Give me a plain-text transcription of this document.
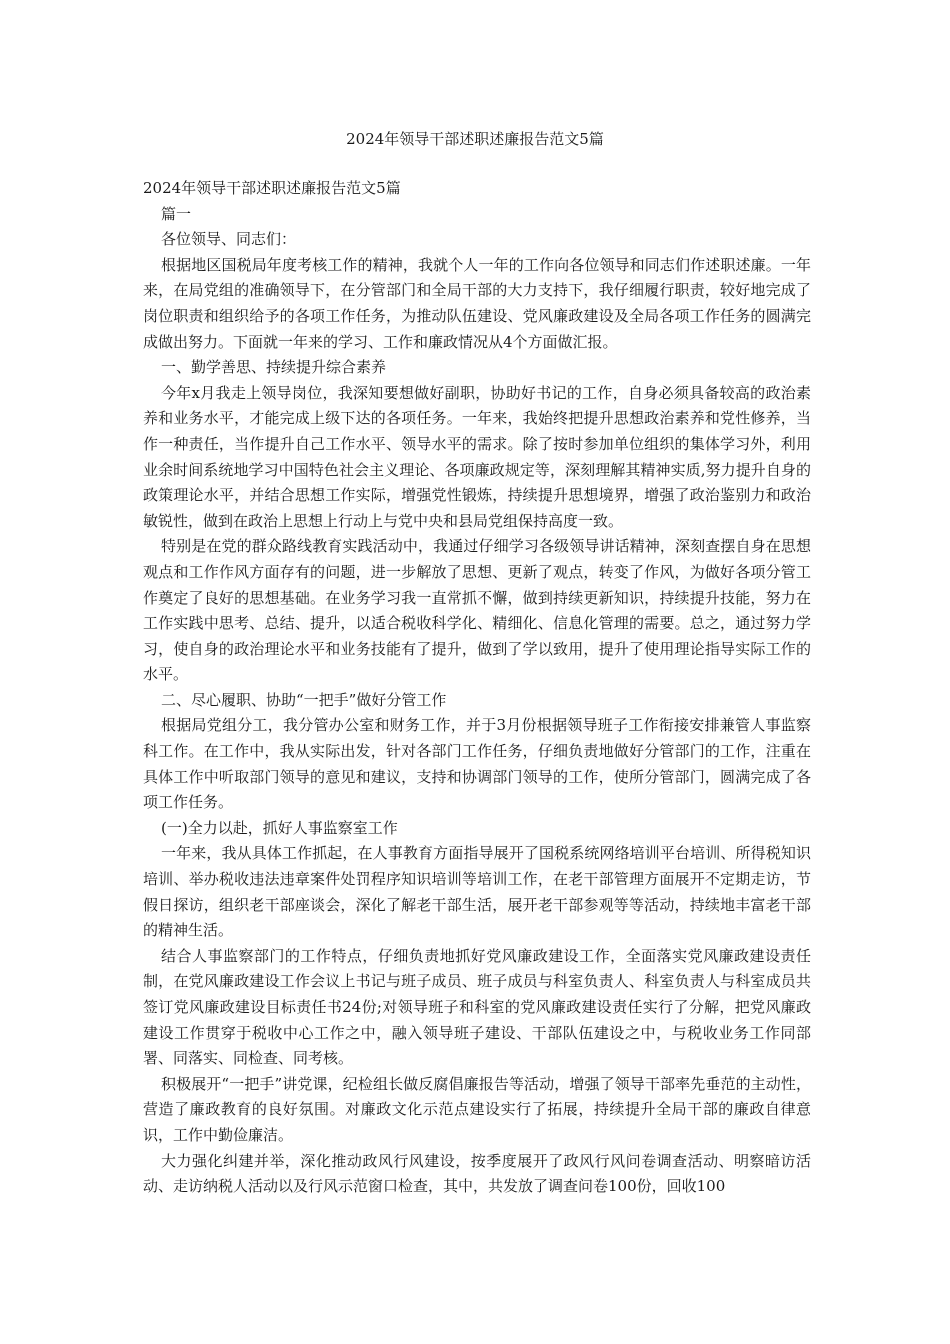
2024年领导干部述职述廉报告范文5篇

2024年领导干部述职述廉报告范文5篇

篇一

各位领导、同志们：

根据地区国税局年度考核工作的精神，我就个人一年的工作向各位领导和同志们作述职述廉。一年来，在局党组的准确领导下，在分管部门和全局干部的大力支持下，我仔细履行职责，较好地完成了岗位职责和组织给予的各项工作任务，为推动队伍建设、党风廉政建设及全局各项工作任务的圆满完成做出努力。下面就一年来的学习、工作和廉政情况从4个方面做汇报。

一、勤学善思、持续提升综合素养

今年x月我走上领导岗位，我深知要想做好副职，协助好书记的工作，自身必须具备较高的政治素养和业务水平，才能完成上级下达的各项任务。一年来，我始终把提升思想政治素养和党性修养，当作一种责任，当作提升自己工作水平、领导水平的需求。除了按时参加单位组织的集体学习外，利用业余时间系统地学习中国特色社会主义理论、各项廉政规定等，深刻理解其精神实质,努力提升自身的政策理论水平，并结合思想工作实际，增强党性锻炼，持续提升思想境界，增强了政治鉴别力和政治敏锐性，做到在政治上思想上行动上与党中央和县局党组保持高度一致。

特别是在党的群众路线教育实践活动中，我通过仔细学习各级领导讲话精神，深刻查摆自身在思想观点和工作作风方面存有的问题，进一步解放了思想、更新了观点，转变了作风，为做好各项分管工作奠定了良好的思想基础。在业务学习我一直常抓不懈，做到持续更新知识，持续提升技能，努力在工作实践中思考、总结、提升，以适合税收科学化、精细化、信息化管理的需要。总之，通过努力学习，使自身的政治理论水平和业务技能有了提升，做到了学以致用，提升了使用理论指导实际工作的水平。

二、尽心履职、协助“一把手”做好分管工作

根据局党组分工，我分管办公室和财务工作，并于3月份根据领导班子工作衔接安排兼管人事监察科工作。在工作中，我从实际出发，针对各部门工作任务，仔细负责地做好分管部门的工作，注重在具体工作中听取部门领导的意见和建议，支持和协调部门领导的工作，使所分管部门，圆满完成了各项工作任务。

(一)全力以赴，抓好人事监察室工作

一年来，我从具体工作抓起，在人事教育方面指导展开了国税系统网络培训平台培训、所得税知识培训、举办税收违法违章案件处罚程序知识培训等培训工作，在老干部管理方面展开不定期走访，节假日探访，组织老干部座谈会，深化了解老干部生活，展开老干部参观等等活动，持续地丰富老干部的精神生活。

结合人事监察部门的工作特点，仔细负责地抓好党风廉政建设工作，全面落实党风廉政建设责任制，在党风廉政建设工作会议上书记与班子成员、班子成员与科室负责人、科室负责人与科室成员共签订党风廉政建设目标责任书24份;对领导班子和科室的党风廉政建设责任实行了分解，把党风廉政建设工作贯穿于税收中心工作之中，融入领导班子建设、干部队伍建设之中，与税收业务工作同部署、同落实、同检查、同考核。

积极展开“一把手”讲党课，纪检组长做反腐倡廉报告等活动，增强了领导干部率先垂范的主动性，营造了廉政教育的良好氛围。对廉政文化示范点建设实行了拓展，持续提升全局干部的廉政自律意识，工作中勤俭廉洁。

大力强化纠建并举，深化推动政风行风建设，按季度展开了政风行风问卷调查活动、明察暗访活动、走访纳税人活动以及行风示范窗口检查，其中，共发放了调查问卷100份，回收100
